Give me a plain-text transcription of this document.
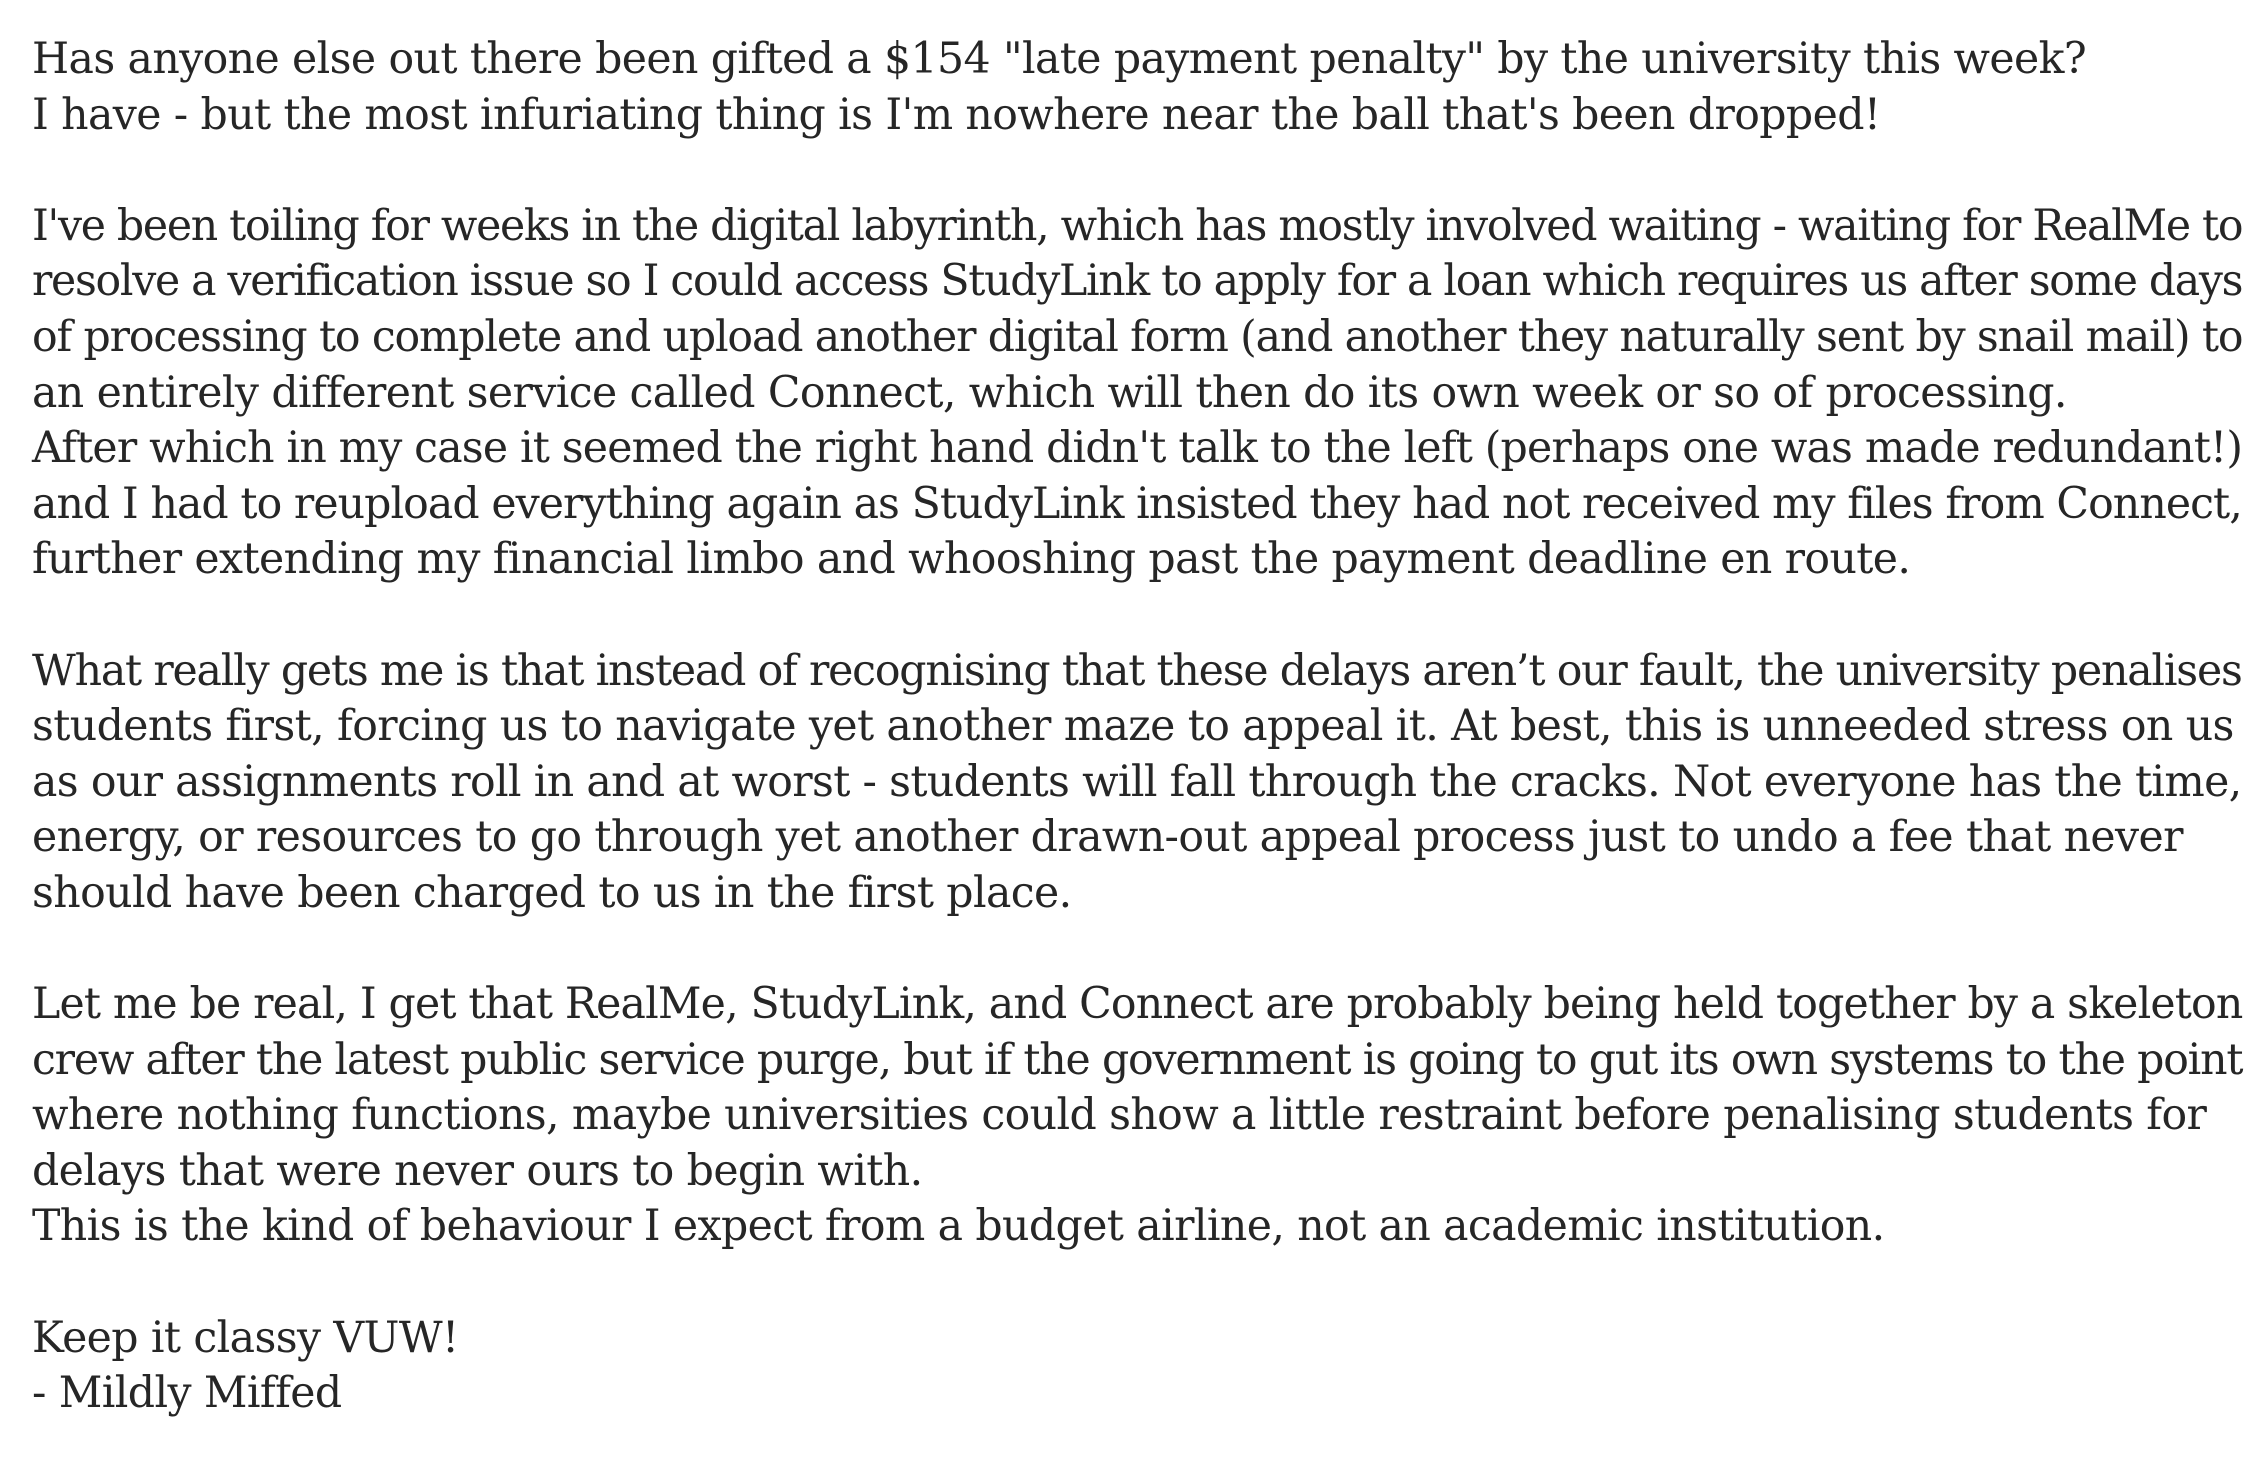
Has anyone else out there been gifted a $154 "late payment penalty" by the university this week?
I have - but the most infuriating thing is I'm nowhere near the ball that's been dropped!
I've been toiling for weeks in the digital labyrinth, which has mostly involved waiting - waiting for RealMe to
resolve a verification issue so I could access StudyLink to apply for a loan which requires us after some days
of processing to complete and upload another digital form (and another they naturally sent by snail mail) to
an entirely different service called Connect, which will then do its own week or so of processing.
After which in my case it seemed the right hand didn't talk to the left (perhaps one was made redundant!)
and I had to reupload everything again as StudyLink insisted they had not received my files from Connect,
further extending my financial limbo and whooshing past the payment deadline en route.
What really gets me is that instead of recognising that these delays aren’t our fault, the university penalises
students first, forcing us to navigate yet another maze to appeal it. At best, this is unneeded stress on us
as our assignments roll in and at worst - students will fall through the cracks. Not everyone has the time,
energy, or resources to go through yet another drawn-out appeal process just to undo a fee that never
should have been charged to us in the first place.
Let me be real, I get that RealMe, StudyLink, and Connect are probably being held together by a skeleton
crew after the latest public service purge, but if the government is going to gut its own systems to the point
where nothing functions, maybe universities could show a little restraint before penalising students for
delays that were never ours to begin with.
This is the kind of behaviour I expect from a budget airline, not an academic institution.
Keep it classy VUW!
- Mildly Miffed
